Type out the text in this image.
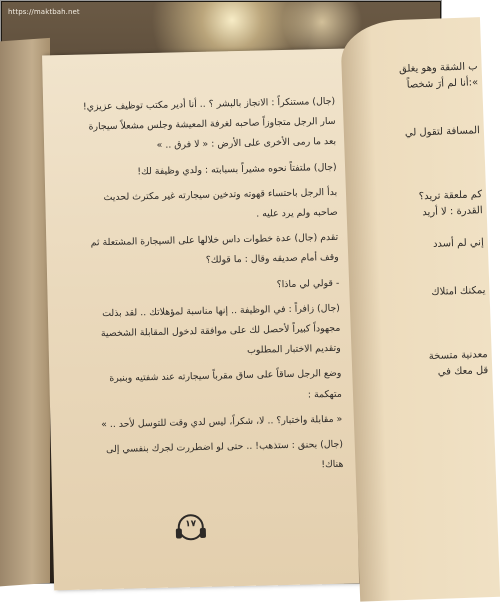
https://maktbah.net

(جال) مستنكراً : الانجاز بالبشر ؟ .. أنا أدير مكتب توظيف عزيزي!

سار الرجل متجاوزاً صاحبه لغرفة المعيشة وجلس مشعلاً سيجارة

بعد ما رمى الأخرى على الأرض : « لا فرق .. »

(جال) ملتفتاً نحوه مشيراً بسبابته : ولدي وظيفة لك!

بدأ الرجل باحتساء قهوته وتدخين سيجارته غير مكترث لحديث

صاحبه ولم يرد عليه .

تقدم (جال) عدة خطوات داس خلالها على السيجارة المشتعلة ثم

وقف أمام صديقه وقال : ما قولك؟

- قولي لي ماذا؟

(جال) زافراً : في الوظيفة .. إنها مناسبة لمؤهلاتك .. لقد بذلت

مجهوداً كبيراً لأحصل لك على موافقة لدخول المقابلة الشخصية

وتقديم الاختبار المطلوب

وضع الرجل ساقاً على ساق مقرباً سيجارته عند شفتيه وبنبرة

متهكمة :

« مقابلة واختبار؟ .. لا، شكراً، ليس لدي وقت للتوسل لأحد .. »

(جال) بحنق : ستذهب! .. حتى لو اضطررت لجرك بنفسي إلى

هناك!

١٧
ب الشقة وهو يغلق
»:أنا لم أرَ شخصاً
المسافة لتقول لي
كم ملعقة تريد؟
القدرة : لا أريد
إني لم أسدد
يمكنك امتلاك
معدنية متسخة
قل معك في
